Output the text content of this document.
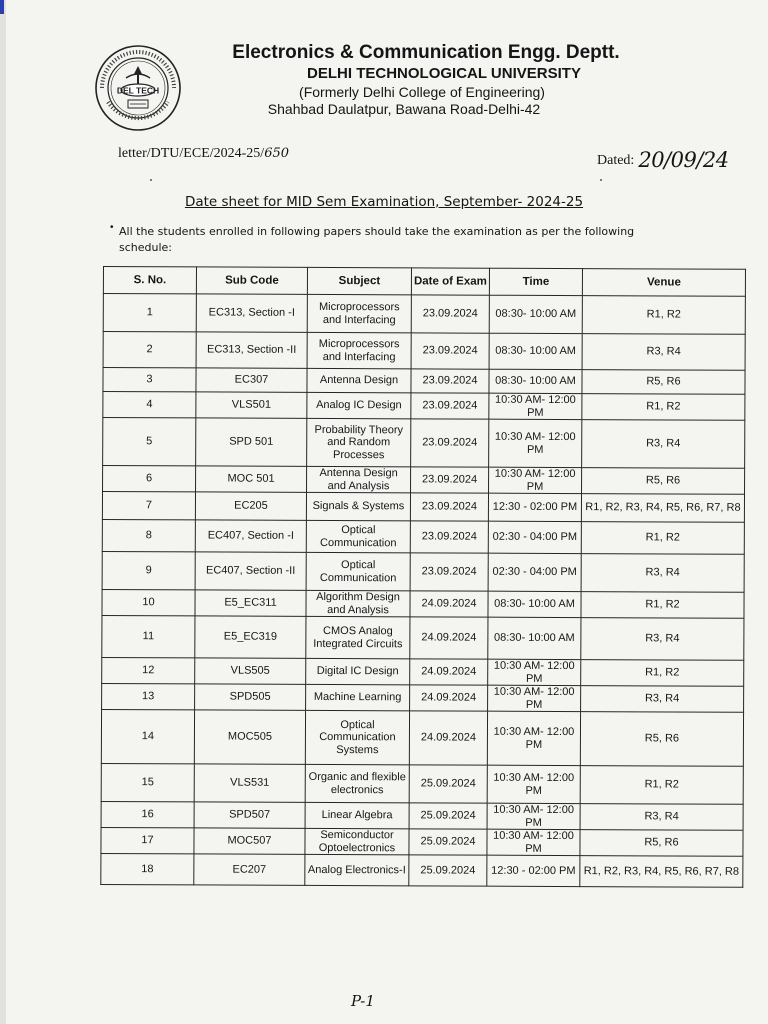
DEL TECH
Electronics & Communication Engg. Deptt.
DELHI TECHNOLOGICAL UNIVERSITY
(Formerly Delhi College of Engineering)
Shahbad Daulatpur, Bawana Road-Delhi-42
letter/DTU/ECE/2024-25/650	Dated: 20/09/24
Date sheet for MID Sem Examination, September- 2024-25
• All the students enrolled in following papers should take the examination as per the following schedule:
S. No.	Sub Code	Subject	Date of Exam	Time	Venue
1	EC313, Section -I	Microprocessors and Interfacing	23.09.2024	08:30- 10:00 AM	R1, R2
2	EC313, Section -II	Microprocessors and Interfacing	23.09.2024	08:30- 10:00 AM	R3, R4
3	EC307	Antenna Design	23.09.2024	08:30- 10:00 AM	R5, R6
4	VLS501	Analog IC Design	23.09.2024	10:30 AM- 12:00 PM	R1, R2
5	SPD 501	Probability Theory and Random Processes	23.09.2024	10:30 AM- 12:00 PM	R3, R4
6	MOC 501	Antenna Design and Analysis	23.09.2024	10:30 AM- 12:00 PM	R5, R6
7	EC205	Signals & Systems	23.09.2024	12:30 - 02:00 PM	R1, R2, R3, R4, R5, R6, R7, R8
8	EC407, Section -I	Optical Communication	23.09.2024	02:30 - 04:00 PM	R1, R2
9	EC407, Section -II	Optical Communication	23.09.2024	02:30 - 04:00 PM	R3, R4
10	E5_EC311	Algorithm Design and Analysis	24.09.2024	08:30- 10:00 AM	R1, R2
11	E5_EC319	CMOS Analog Integrated Circuits	24.09.2024	08:30- 10:00 AM	R3, R4
12	VLS505	Digital IC Design	24.09.2024	10:30 AM- 12:00 PM	R1, R2
13	SPD505	Machine Learning	24.09.2024	10:30 AM- 12:00 PM	R3, R4
14	MOC505	Optical Communication Systems	24.09.2024	10:30 AM- 12:00 PM	R5, R6
15	VLS531	Organic and flexible electronics	25.09.2024	10:30 AM- 12:00 PM	R1, R2
16	SPD507	Linear Algebra	25.09.2024	10:30 AM- 12:00 PM	R3, R4
17	MOC507	Semiconductor Optoelectronics	25.09.2024	10:30 AM- 12:00 PM	R5, R6
18	EC207	Analog Electronics-I	25.09.2024	12:30 - 02:00 PM	R1, R2, R3, R4, R5, R6, R7, R8
P-1
